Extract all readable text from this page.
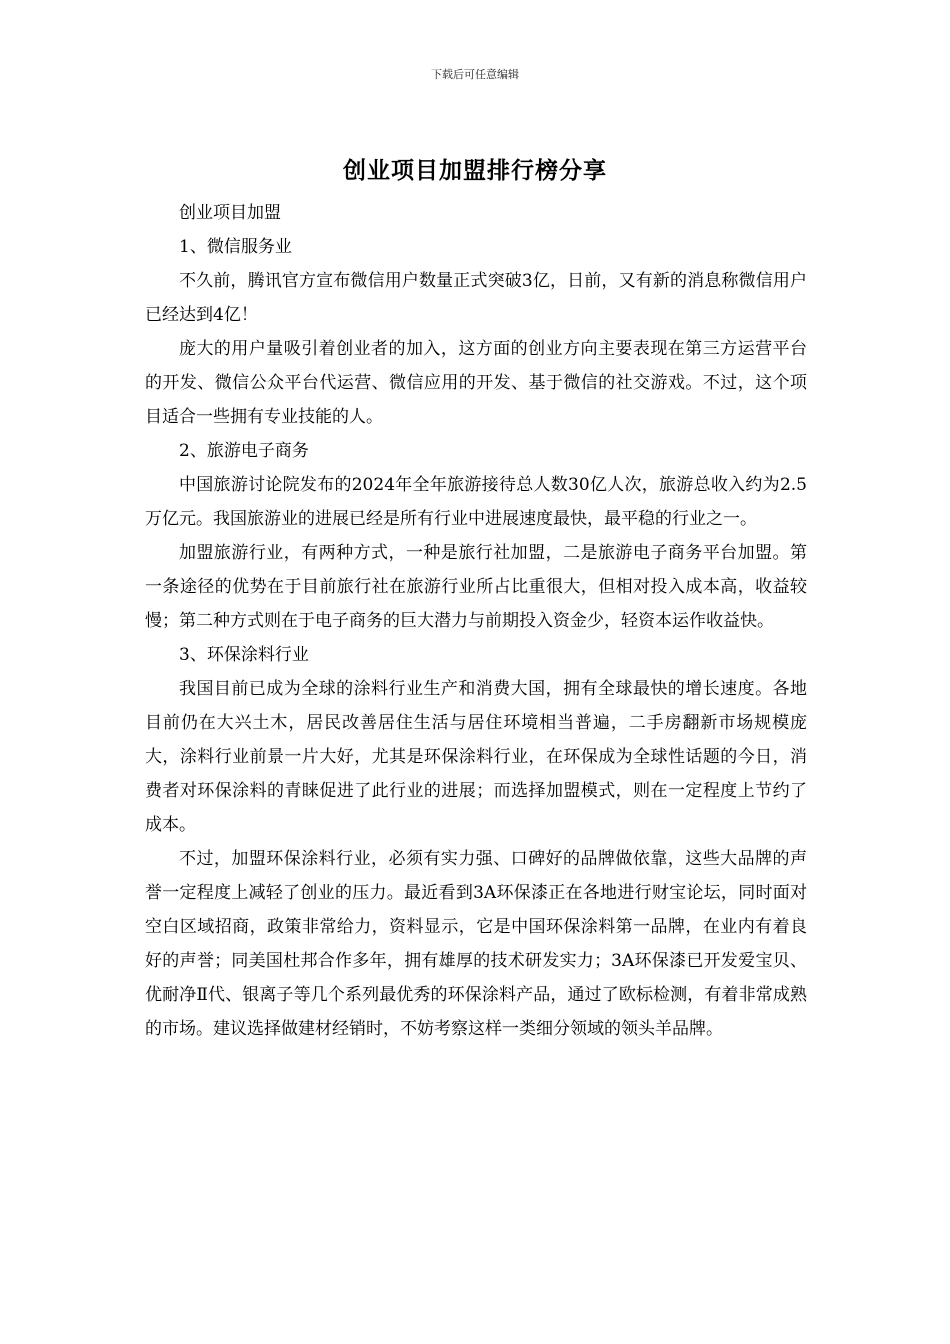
下载后可任意编辑
创业项目加盟排行榜分享

创业项目加盟

1、微信服务业

不久前，腾讯官方宣布微信用户数量正式突破3亿，日前，又有新的消息称微信用户已经达到4亿！

庞大的用户量吸引着创业者的加入，这方面的创业方向主要表现在第三方运营平台的开发、微信公众平台代运营、微信应用的开发、基于微信的社交游戏。不过，这个项目适合一些拥有专业技能的人。

2、旅游电子商务

中国旅游讨论院发布的2024年全年旅游接待总人数30亿人次，旅游总收入约为2.5万亿元。我国旅游业的进展已经是所有行业中进展速度最快，最平稳的行业之一。

加盟旅游行业，有两种方式，一种是旅行社加盟，二是旅游电子商务平台加盟。第一条途径的优势在于目前旅行社在旅游行业所占比重很大，但相对投入成本高，收益较慢；第二种方式则在于电子商务的巨大潜力与前期投入资金少，轻资本运作收益快。

3、环保涂料行业

我国目前已成为全球的涂料行业生产和消费大国，拥有全球最快的增长速度。各地目前仍在大兴土木，居民改善居住生活与居住环境相当普遍，二手房翻新市场规模庞大，涂料行业前景一片大好，尤其是环保涂料行业，在环保成为全球性话题的今日，消费者对环保涂料的青睐促进了此行业的进展；而选择加盟模式，则在一定程度上节约了成本。

不过，加盟环保涂料行业，必须有实力强、口碑好的品牌做依靠，这些大品牌的声誉一定程度上减轻了创业的压力。最近看到3A环保漆正在各地进行财宝论坛，同时面对空白区域招商，政策非常给力，资料显示，它是中国环保涂料第一品牌，在业内有着良好的声誉；同美国杜邦合作多年，拥有雄厚的技术研发实力；3A环保漆已开发爱宝贝、优耐净Ⅱ代、银离子等几个系列最优秀的环保涂料产品，通过了欧标检测，有着非常成熟的市场。建议选择做建材经销时，不妨考察这样一类细分领域的领头羊品牌。
